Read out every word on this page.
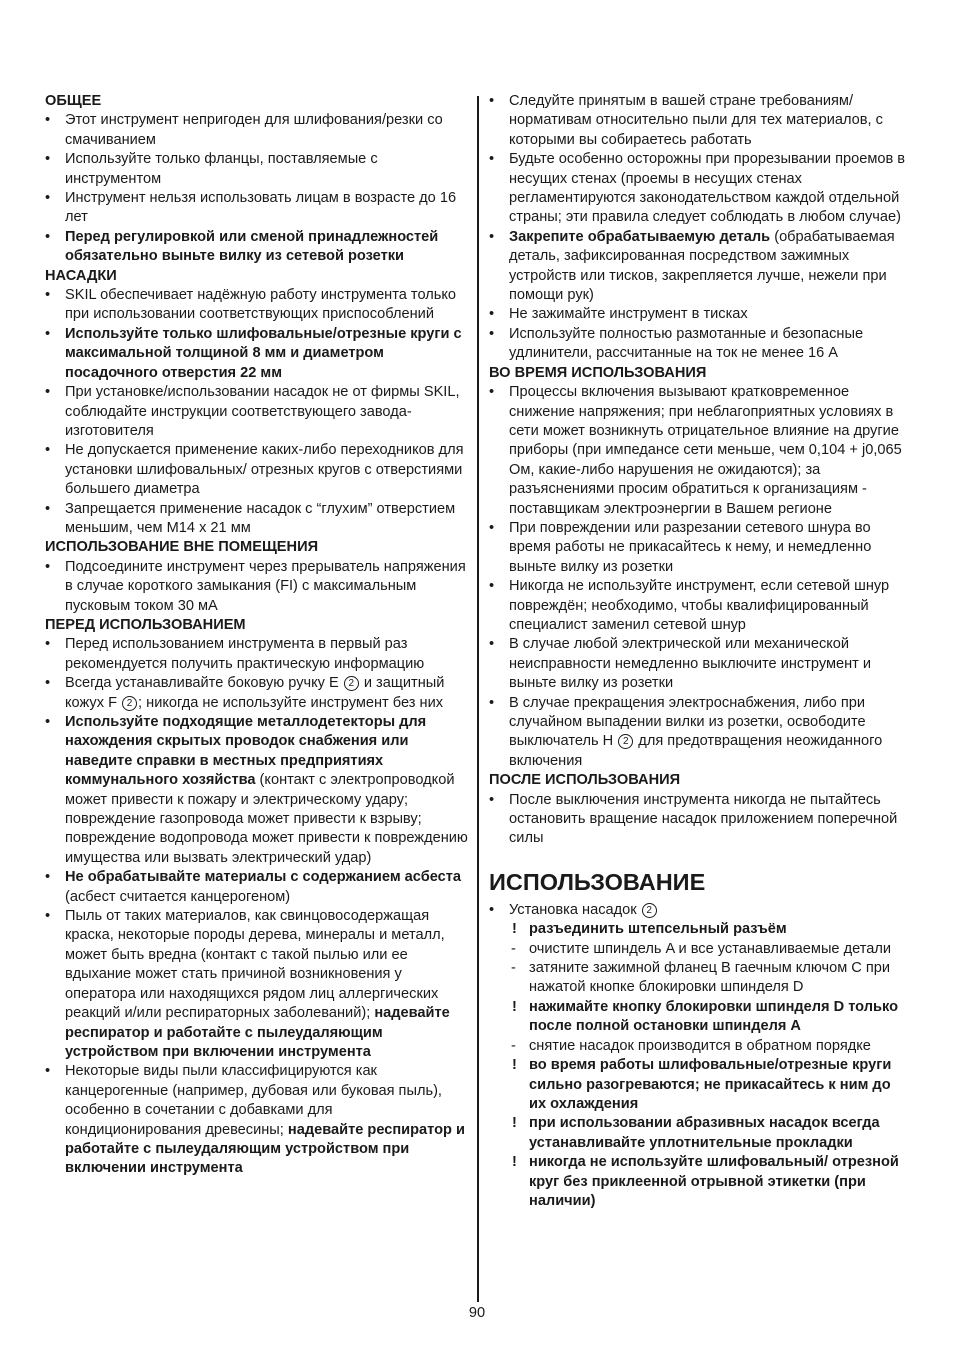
ОБЩЕЕ
• Этот инструмент непригоден для шлифования/резки со смачиванием
• Используйте только фланцы, поставляемые с инструментом
• Инструмент нельзя использовать лицам в возрасте до 16 лет
• Перед регулировкой или сменой принадлежностей обязательно выньте вилку из сетевой розетки
НАСАДКИ
• SKIL обеспечивает надёжную работу инструмента только при использовании соответствующих приспособлений
• Используйте только шлифовальные/отрезные круги с максимальной толщиной 8 мм и диаметром посадочного отверстия 22 мм
• При установке/использовании насадок не от фирмы SKIL, соблюдайте инструкции соответствующего завода-изготовителя
• Не допускается применение каких-либо переходников для установки шлифовальных/ отрезных кругов с отверстиями большего диаметра
• Запрещается применение насадок с “глухим” отверстием меньшим, чем М14 x 21 мм
ИСПОЛЬЗОВАНИЕ ВНЕ ПОМЕЩЕНИЯ
• Подсоедините инструмент через прерыватель напряжения в случае короткого замыкания (FI) с максимальным пусковым током 30 мА
ПЕРЕД ИСПОЛЬЗОВАНИЕМ
• Перед использованием инструмента в первый раз рекомендуется получить практическую информацию
• Всегда устанавливайте боковую ручку E 2 и защитный кожух F 2 ; никогда не используйте инструмент без них
• Используйте подходящие металлодетекторы для нахождения скрытых проводок снабжения или наведите справки в местных предприятиях коммунального хозяйства (контакт с электропроводкой может привести к пожару и электрическому удару; повреждение газопровода может привести к взрыву; повреждение водопровода может привести к повреждению имущества или вызвать электрический удар)
• Не обрабатывайте материалы с содержанием асбеста (асбест считается канцерогеном)
• Пыль от таких материалов, как свинцовосодержащая краска, некоторые породы дерева, минералы и металл, может быть вредна (контакт с такой пылью или ее вдыхание может стать причиной возникновения у оператора или находящихся рядом лиц аллергических реакций и/или респираторных заболеваний); надевайте респиратор и работайте с пылеудаляющим устройством при включении инструмента
• Некоторые виды пыли классифицируются как канцерогенные (например, дубовая или буковая пыль), особенно в сочетании с добавками для кондиционирования древесины; надевайте респиратор и работайте с пылеудаляющим устройством при включении инструмента
• Следуйте принятым в вашей стране требованиям/ нормативам относительно пыли для тех материалов, с которыми вы собираетесь работать
• Будьте особенно осторожны при прорезывании проемов в несущих стенах (проемы в несущих стенах регламентируются законодательством каждой отдельной страны; эти правила следует соблюдать в любом случае)
• Закрепите обрабатываемую деталь (обрабатываемая деталь, зафиксированная посредством зажимных устройств или тисков, закрепляется лучше, нежели при помощи рук)
• Не зажимайте инструмент в тисках
• Используйте полностью размотанные и безопасные удлинители, рассчитанные на ток не менее 16 A
ВО ВРЕМЯ ИСПОЛЬЗОВАНИЯ
• Процессы включения вызывают кратковременное снижение напряжения; при неблагоприятных условиях в сети может возникнуть отрицательное влияние на другие приборы (при импедансе сети меньше, чем 0,104 + j0,065 Ом, какие-либо нарушения не ожидаются); за разъяснениями просим обратиться к организациям - поставщикам электроэнергии в Вашем регионе
• При повреждении или разрезании сетевого шнура во время работы не прикасайтесь к нему, и немедленно выньте вилку из розетки
• Никогда не используйте инструмент, если сетевой шнур повреждён; необходимо, чтобы квалифицированный специалист заменил сетевой шнур
• В случае любой электрической или механической неисправности немедленно выключите инструмент и выньте вилку из розетки
• В случае прекращения электроснабжения, либо при случайном выпадении вилки из розетки, освободите выключатель H 2 для предотвращения неожиданного включения
ПОСЛЕ ИСПОЛЬЗОВАНИЯ
• После выключения инструмента никогда не пытайтесь остановить вращение насадок приложением поперечной силы
ИСПОЛЬЗОВАНИЕ
• Установка насадок 2
! разъединить штепсельный разъём
- очистите шпиндель A и все устанавливаемые детали
- затяните зажимной фланец B гаечным ключом C при нажатой кнопке блокировки шпинделя D
! нажимайте кнопку блокировки шпинделя D только после полной остановки шпинделя A
- снятие насадок производится в обратном порядке
! во время работы шлифовальные/отрезные круги сильно разогреваются; не прикасайтесь к ним до их охлаждения
! при использовании абразивных насадок всегда устанавливайте уплотнительные прокладки
! никогда не используйте шлифовальный/ отрезной круг без приклеенной отрывной этикетки (при наличии)
90
